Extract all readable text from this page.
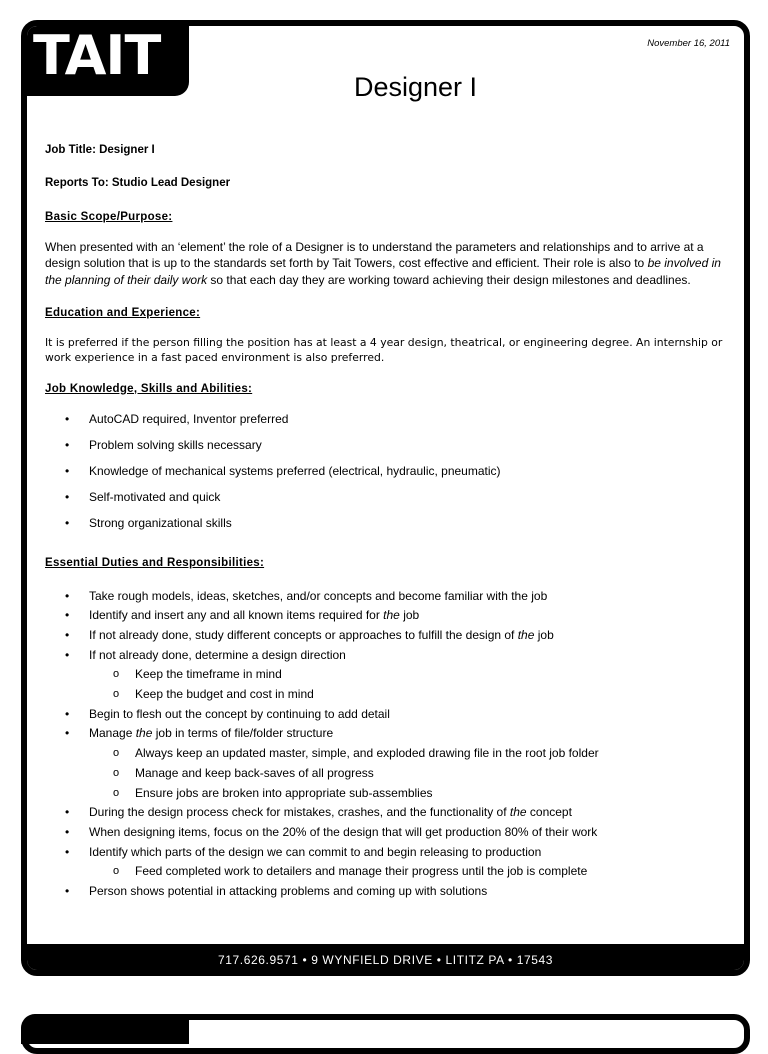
TAIT	November 16, 2011
Designer I

Job Title: Designer I

Reports To: Studio Lead Designer

Basic Scope/Purpose:

When presented with an ‘element’ the role of a Designer is to understand the parameters and relationships and to arrive at a design solution that is up to the standards set forth by Tait Towers, cost effective and efficient. Their role is also to be involved in the planning of their daily work so that each day they are working toward achieving their design milestones and deadlines.

Education and Experience:

It is preferred if the person filling the position has at least a 4 year design, theatrical, or engineering degree. An internship or work experience in a fast paced environment is also preferred.

Job Knowledge, Skills and Abilities:

• AutoCAD required, Inventor preferred
• Problem solving skills necessary
• Knowledge of mechanical systems preferred (electrical, hydraulic, pneumatic)
• Self-motivated and quick
• Strong organizational skills

Essential Duties and Responsibilities:

• Take rough models, ideas, sketches, and/or concepts and become familiar with the job
• Identify and insert any and all known items required for the job
• If not already done, study different concepts or approaches to fulfill the design of the job
• If not already done, determine a design direction
o Keep the timeframe in mind
o Keep the budget and cost in mind
• Begin to flesh out the concept by continuing to add detail
• Manage the job in terms of file/folder structure
o Always keep an updated master, simple, and exploded drawing file in the root job folder
o Manage and keep back-saves of all progress
o Ensure jobs are broken into appropriate sub-assemblies
• During the design process check for mistakes, crashes, and the functionality of the concept
• When designing items, focus on the 20% of the design that will get production 80% of their work
• Identify which parts of the design we can commit to and begin releasing to production
o Feed completed work to detailers and manage their progress until the job is complete
• Person shows potential in attacking problems and coming up with solutions
717.626.9571 • 9 WYNFIELD DRIVE • LITITZ PA • 17543
